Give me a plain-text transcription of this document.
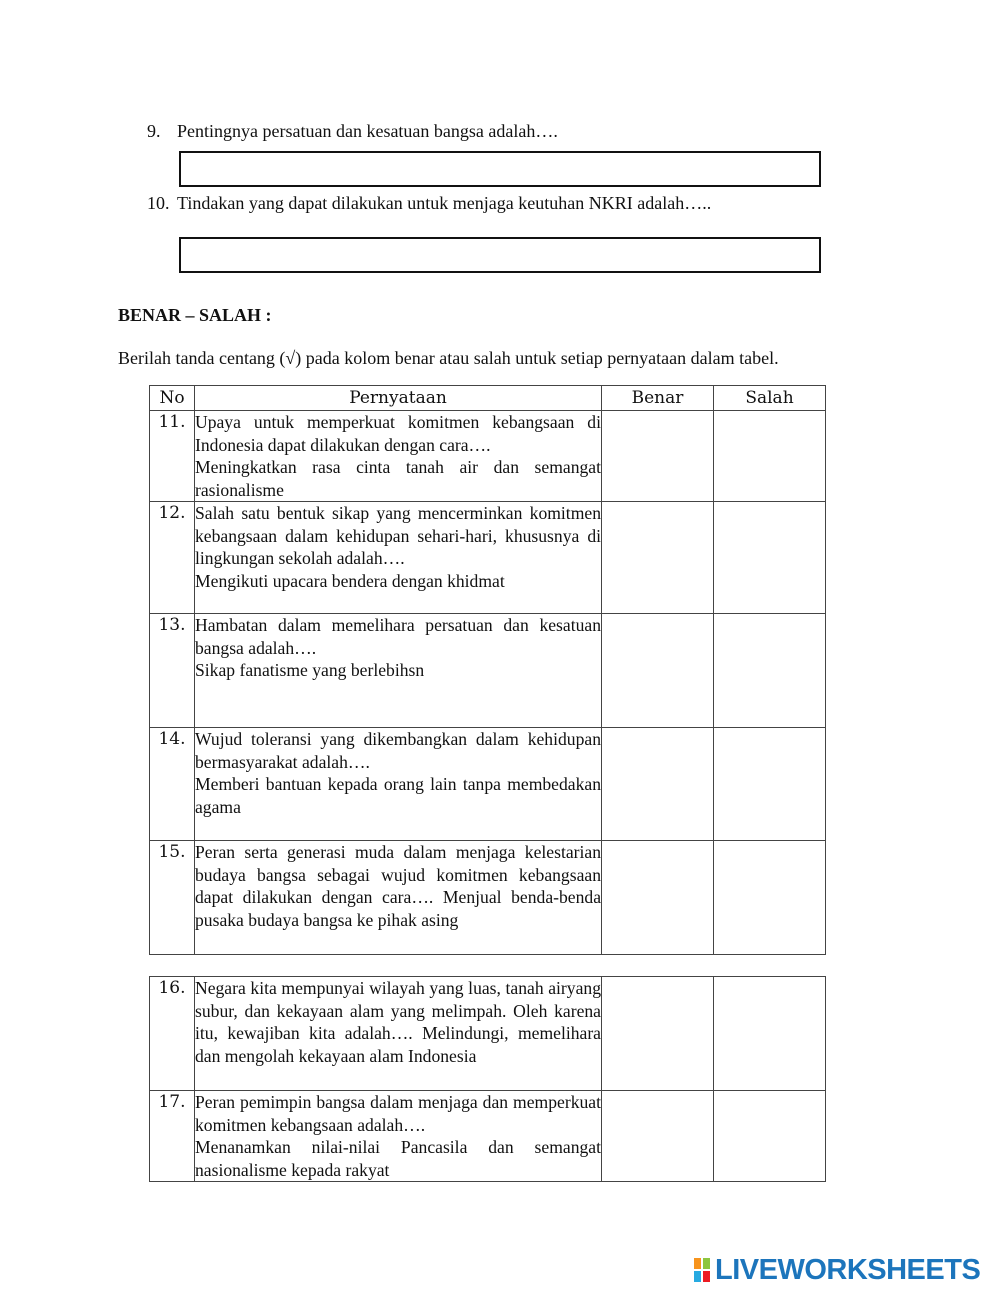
9. Pentingnya persatuan dan kesatuan bangsa adalah….
10. Tindakan yang dapat dilakukan untuk menjaga keutuhan NKRI adalah…..
BENAR – SALAH :
Berilah tanda centang (√) pada kolom benar atau salah untuk setiap pernyataan dalam tabel.
No	Pernyataan	Benar	Salah
11.	Upaya untuk memperkuat komitmen kebangsaan di Indonesia dapat dilakukan dengan cara….
Meningkatkan rasa cinta tanah air dan semangat rasionalisme		

12.	Salah satu bentuk sikap yang mencerminkan komitmen kebangsaan dalam kehidupan sehari-hari, khususnya di lingkungan sekolah adalah….
Mengikuti upacara bendera dengan khidmat		

13.	Hambatan dalam memelihara persatuan dan kesatuan bangsa adalah….
Sikap fanatisme yang berlebihsn		

14.	Wujud toleransi yang dikembangkan dalam kehidupan bermasyarakat adalah….
Memberi bantuan kepada orang lain tanpa membedakan agama		

15.	Peran serta generasi muda dalam menjaga kelestarian budaya bangsa sebagai wujud komitmen kebangsaan dapat dilakukan dengan cara…. Menjual benda-benda pusaka budaya bangsa ke pihak asing		

16.	Negara kita mempunyai wilayah yang luas, tanah airyang subur, dan kekayaan alam yang melimpah. Oleh karena itu, kewajiban kita adalah…. Melindungi, memelihara dan mengolah kekayaan alam Indonesia		

17.	Peran pemimpin bangsa dalam menjaga dan memperkuat komitmen kebangsaan adalah….
Menanamkan nilai-nilai Pancasila dan semangat nasionalisme kepada rakyat		

LIVEWORKSHEETS
